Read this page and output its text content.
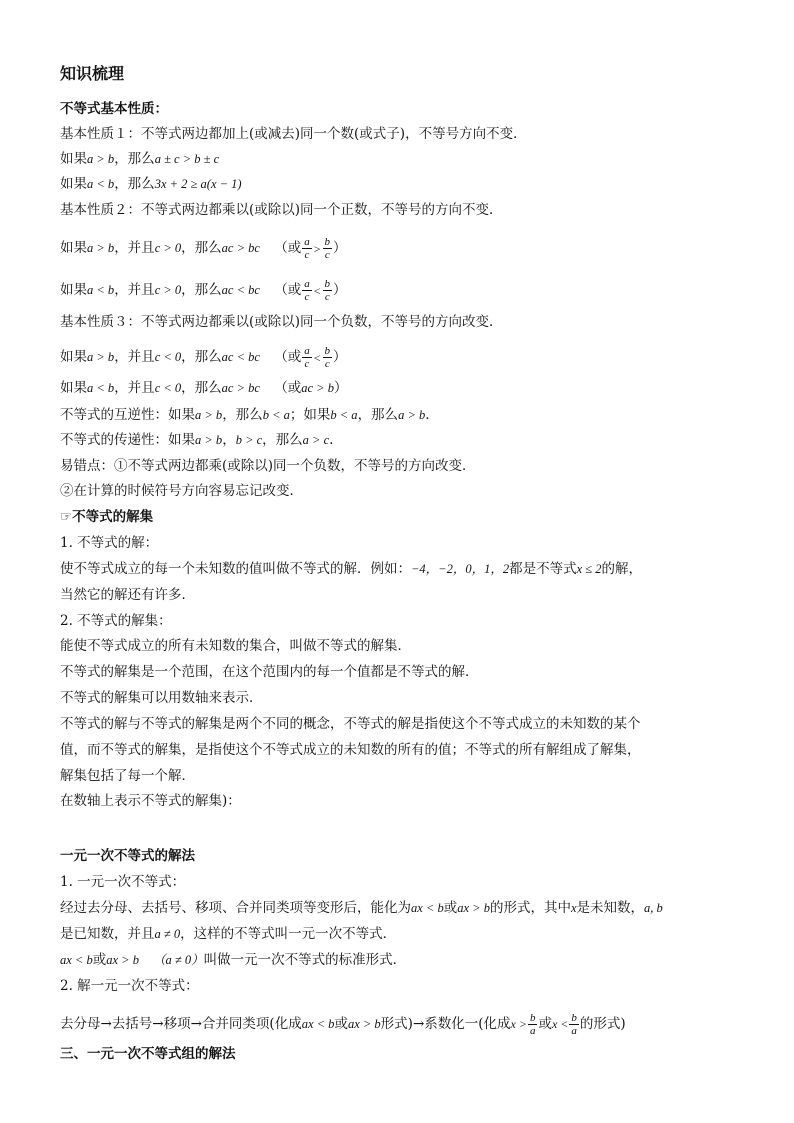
知识梳理
不等式基本性质：
基本性质１：不等式两边都加上(或减去)同一个数(或式子)，不等号方向不变．
如果a > b，那么a ± c > b ± c
如果a < b，那么3x + 2 ≥ a(x − 1)
基本性质２：不等式两边都乘以(或除以)同一个正数，不等号的方向不变．
如果a > b，并且c > 0，那么ac > bc （或 $\frac{a}{c} > \frac{b}{c}$ ）
如果a < b，并且c > 0，那么ac < bc （或 $\frac{a}{c} < \frac{b}{c}$ ）
基本性质３：不等式两边都乘以(或除以)同一个负数，不等号的方向改变．
如果a > b，并且c < 0，那么ac < bc （或 $\frac{a}{c} < \frac{b}{c}$ ）
如果a < b，并且c < 0，那么ac > bc （或ac > b）
不等式的互逆性：如果a > b，那么b < a；如果b < a，那么a > b.
不等式的传递性：如果a > b，b > c，那么a > c.
易错点：①不等式两边都乘(或除以)同一个负数，不等号的方向改变．
②在计算的时候符号方向容易忘记改变．
☞不等式的解集
1. 不等式的解：
使不等式成立的每一个未知数的值叫做不等式的解．例如：−4，−2，0，1，2都是不等式x ≤ 2的解，
当然它的解还有许多．
2. 不等式的解集：
能使不等式成立的所有未知数的集合，叫做不等式的解集．
不等式的解集是一个范围，在这个范围内的每一个值都是不等式的解．
不等式的解集可以用数轴来表示．
不等式的解与不等式的解集是两个不同的概念，不等式的解是指使这个不等式成立的未知数的某个
值，而不等式的解集，是指使这个不等式成立的未知数的所有的值；不等式的所有解组成了解集，
解集包括了每一个解．
在数轴上表示不等式的解集)：
一元一次不等式的解法
1. 一元一次不等式：
经过去分母、去括号、移项、合并同类项等变形后，能化为ax < b或ax > b的形式，其中x是未知数，a, b
是已知数，并且a ≠ 0，这样的不等式叫一元一次不等式．
ax < b或ax > b （a ≠ 0）叫做一元一次不等式的标准形式．
2. 解一元一次不等式：
去分母→去括号→移项→合并同类项(化成ax < b或ax > b形式)→系数化一(化成$x > \frac{b}{a}$ 或$x < \frac{b}{a}$ 的形式)
三、一元一次不等式组的解法
